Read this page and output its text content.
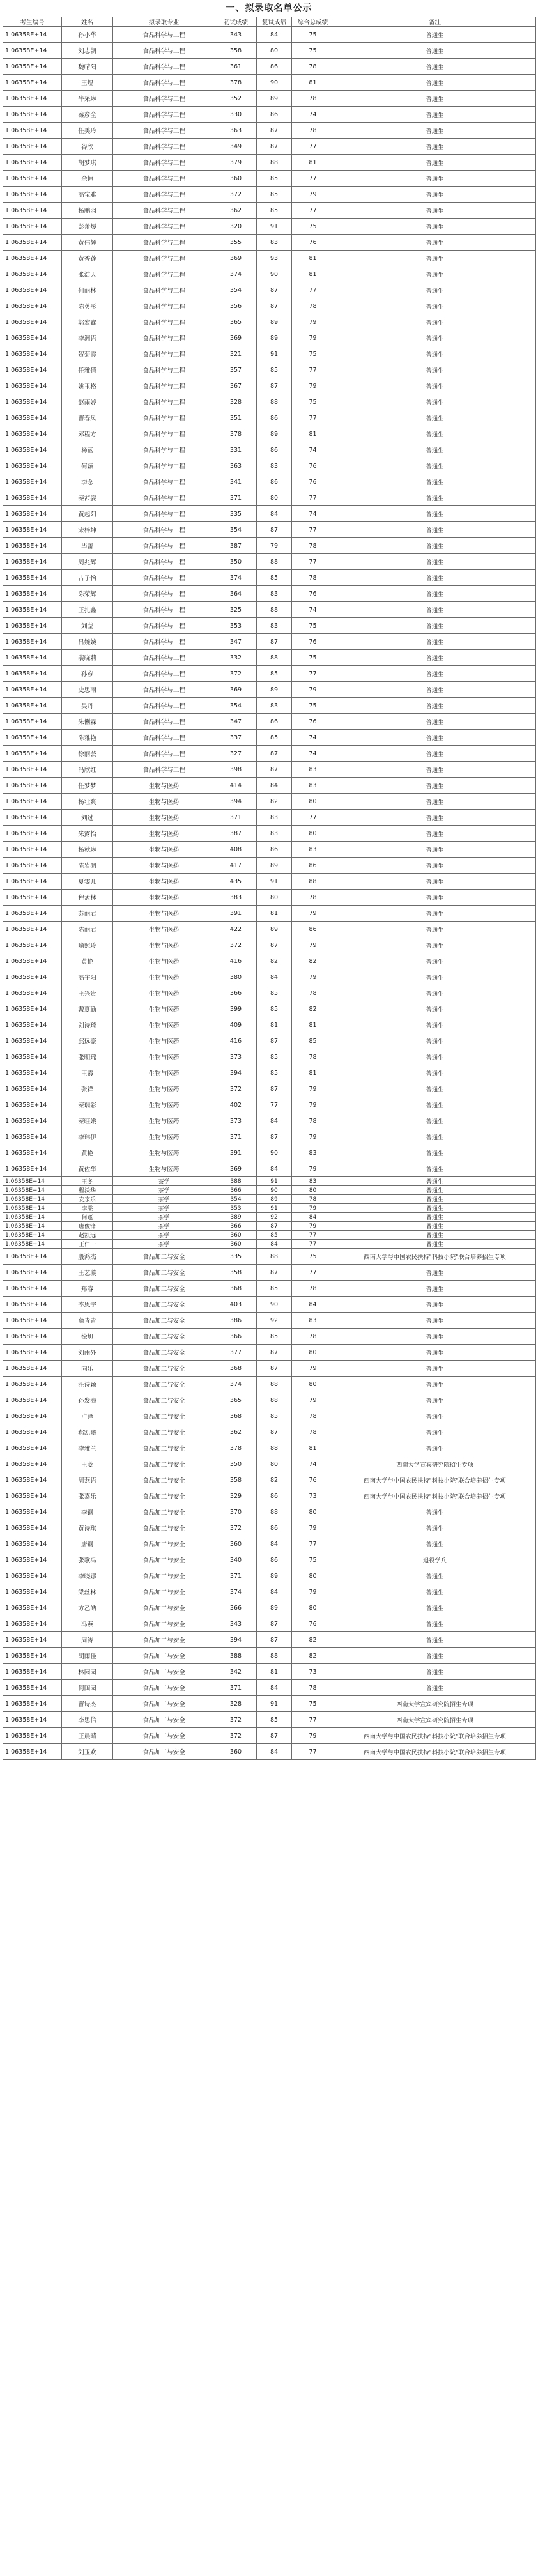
一、拟录取名单公示
考生编号	姓名	拟录取专业	初试成绩	复试成绩	综合总成绩	备注
1.06358E+14	孙小华	食品科学与工程	343	84	75	普通生
1.06358E+14	刘志朝	食品科学与工程	358	80	75	普通生
1.06358E+14	魏晴阳	食品科学与工程	361	86	78	普通生
1.06358E+14	王煜	食品科学与工程	378	90	81	普通生
1.06358E+14	牛采琳	食品科学与工程	352	89	78	普通生
1.06358E+14	秦彦全	食品科学与工程	330	86	74	普通生
1.06358E+14	任美玲	食品科学与工程	363	87	78	普通生
1.06358E+14	谷欣	食品科学与工程	349	87	77	普通生
1.06358E+14	胡梦琪	食品科学与工程	379	88	81	普通生
1.06358E+14	余恒	食品科学与工程	360	85	77	普通生
1.06358E+14	高宝雅	食品科学与工程	372	85	79	普通生
1.06358E+14	杨鹏羽	食品科学与工程	362	85	77	普通生
1.06358E+14	彭蕾熳	食品科学与工程	320	91	75	普通生
1.06358E+14	黄伟辉	食品科学与工程	355	83	76	普通生
1.06358E+14	黄香莲	食品科学与工程	369	93	81	普通生
1.06358E+14	张浩天	食品科学与工程	374	90	81	普通生
1.06358E+14	何丽林	食品科学与工程	354	87	77	普通生
1.06358E+14	陈英彤	食品科学与工程	356	87	78	普通生
1.06358E+14	郭宏鑫	食品科学与工程	365	89	79	普通生
1.06358E+14	李洲语	食品科学与工程	369	89	79	普通生
1.06358E+14	贺菊霞	食品科学与工程	321	91	75	普通生
1.06358E+14	任雅倩	食品科学与工程	357	85	77	普通生
1.06358E+14	姚玉格	食品科学与工程	367	87	79	普通生
1.06358E+14	赵雨婷	食品科学与工程	328	88	75	普通生
1.06358E+14	曹春凤	食品科学与工程	351	86	77	普通生
1.06358E+14	邓程方	食品科学与工程	378	89	81	普通生
1.06358E+14	杨蓝	食品科学与工程	331	86	74	普通生
1.06358E+14	何颖	食品科学与工程	363	83	76	普通生
1.06358E+14	李念	食品科学与工程	341	86	76	普通生
1.06358E+14	秦茜姿	食品科学与工程	371	80	77	普通生
1.06358E+14	黄起阳	食品科学与工程	335	84	74	普通生
1.06358E+14	宋梓坤	食品科学与工程	354	87	77	普通生
1.06358E+14	毕蕾	食品科学与工程	387	79	78	普通生
1.06358E+14	周兆辉	食品科学与工程	350	88	77	普通生
1.06358E+14	占子怡	食品科学与工程	374	85	78	普通生
1.06358E+14	陈荣辉	食品科学与工程	364	83	76	普通生
1.06358E+14	王扎鑫	食品科学与工程	325	88	74	普通生
1.06358E+14	刘莹	食品科学与工程	353	83	75	普通生
1.06358E+14	吕婉婉	食品科学与工程	347	87	76	普通生
1.06358E+14	裴晓莉	食品科学与工程	332	88	75	普通生
1.06358E+14	孙彦	食品科学与工程	372	85	77	普通生
1.06358E+14	史思雨	食品科学与工程	369	89	79	普通生
1.06358E+14	吴丹	食品科学与工程	354	83	75	普通生
1.06358E+14	朱俐霖	食品科学与工程	347	86	76	普通生
1.06358E+14	陈雅艳	食品科学与工程	337	85	74	普通生
1.06358E+14	徐丽芸	食品科学与工程	327	87	74	普通生
1.06358E+14	冯欣红	食品科学与工程	398	87	83	普通生
1.06358E+14	任梦梦	生物与医药	414	84	83	普通生
1.06358E+14	杨壮爽	生物与医药	394	82	80	普通生
1.06358E+14	刘过	生物与医药	371	83	77	普通生
1.06358E+14	朱露怡	生物与医药	387	83	80	普通生
1.06358E+14	杨秋琳	生物与医药	408	86	83	普通生
1.06358E+14	陈岩凋	生物与医药	417	89	86	普通生
1.06358E+14	夏雯儿	生物与医药	435	91	88	普通生
1.06358E+14	程孟林	生物与医药	383	80	78	普通生
1.06358E+14	苏丽君	生物与医药	391	81	79	普通生
1.06358E+14	陈丽君	生物与医药	422	89	86	普通生
1.06358E+14	喻照玲	生物与医药	372	87	79	普通生
1.06358E+14	黄艳	生物与医药	416	82	82	普通生
1.06358E+14	高宇阳	生物与医药	380	84	79	普通生
1.06358E+14	王兴贵	生物与医药	366	85	78	普通生
1.06358E+14	戴夏勤	生物与医药	399	85	82	普通生
1.06358E+14	刘诗琦	生物与医药	409	81	81	普通生
1.06358E+14	邱远豪	生物与医药	416	87	85	普通生
1.06358E+14	张明瑶	生物与医药	373	85	78	普通生
1.06358E+14	王霞	生物与医药	394	85	81	普通生
1.06358E+14	张祥	生物与医药	372	87	79	普通生
1.06358E+14	秦瑞彩	生物与医药	402	77	79	普通生
1.06358E+14	秦旺娥	生物与医药	373	84	78	普通生
1.06358E+14	李玮伊	生物与医药	371	87	79	普通生
1.06358E+14	黄艳	生物与医药	391	90	83	普通生
1.06358E+14	黄佐华	生物与医药	369	84	79	普通生
1.06358E+14	王冬	茶学	388	91	83	普通生
1.06358E+14	程沃华	茶学	366	90	80	普通生
1.06358E+14	安宗乐	茶学	354	89	78	普通生
1.06358E+14	李棠	茶学	353	91	79	普通生
1.06358E+14	何蓬	茶学	389	92	84	普通生
1.06358E+14	唐俊锋	茶学	366	87	79	普通生
1.06358E+14	赵凯远	茶学	360	85	77	普通生
1.06358E+14	王仁一	茶学	360	84	77	普通生
1.06358E+14	殷鸿杰	食品加工与安全	335	88	75	西南大学与中国农民扶持"科技小院"联合培养招生专项
1.06358E+14	王艺璇	食品加工与安全	358	87	77	普通生
1.06358E+14	郑睿	食品加工与安全	368	85	78	普通生
1.06358E+14	李思宇	食品加工与安全	403	90	84	普通生
1.06358E+14	蒲青青	食品加工与安全	386	92	83	普通生
1.06358E+14	徐旭	食品加工与安全	366	85	78	普通生
1.06358E+14	刘雨外	食品加工与安全	377	87	80	普通生
1.06358E+14	向乐	食品加工与安全	368	87	79	普通生
1.06358E+14	汪诗颖	食品加工与安全	374	88	80	普通生
1.06358E+14	孙发海	食品加工与安全	365	88	79	普通生
1.06358E+14	卢泽	食品加工与安全	368	85	78	普通生
1.06358E+14	郝凯曦	食品加工与安全	362	87	78	普通生
1.06358E+14	李雅兰	食品加工与安全	378	88	81	普通生
1.06358E+14	王菱	食品加工与安全	350	80	74	西南大学宣宾研究院招生专项
1.06358E+14	周燕语	食品加工与安全	358	82	76	西南大学与中国农民扶持"科技小院"联合培养招生专项
1.06358E+14	张嘉乐	食品加工与安全	329	86	73	西南大学与中国农民扶持"科技小院"联合培养招生专项
1.06358E+14	李钢	食品加工与安全	370	88	80	普通生
1.06358E+14	黄诗琪	食品加工与安全	372	86	79	普通生
1.06358E+14	唐钢	食品加工与安全	360	84	77	普通生
1.06358E+14	张歌冯	食品加工与安全	340	86	75	退役学兵
1.06358E+14	李晓娜	食品加工与安全	371	89	80	普通生
1.06358E+14	梁丝林	食品加工与安全	374	84	79	普通生
1.06358E+14	方乙皓	食品加工与安全	366	89	80	普通生
1.06358E+14	冯燕	食品加工与安全	343	87	76	普通生
1.06358E+14	周涛	食品加工与安全	394	87	82	普通生
1.06358E+14	胡雨佳	食品加工与安全	388	88	82	普通生
1.06358E+14	林园园	食品加工与安全	342	81	73	普通生
1.06358E+14	何国园	食品加工与安全	371	84	78	普通生
1.06358E+14	曹诗杰	食品加工与安全	328	91	75	西南大学宣宾研究院招生专项
1.06358E+14	李思信	食品加工与安全	372	85	77	西南大学宣宾研究院招生专项
1.06358E+14	王晨晴	食品加工与安全	372	87	79	西南大学与中国农民扶持"科技小院"联合培养招生专项
1.06358E+14	刘玉欢	食品加工与安全	360	84	77	西南大学与中国农民扶持"科技小院"联合培养招生专项
